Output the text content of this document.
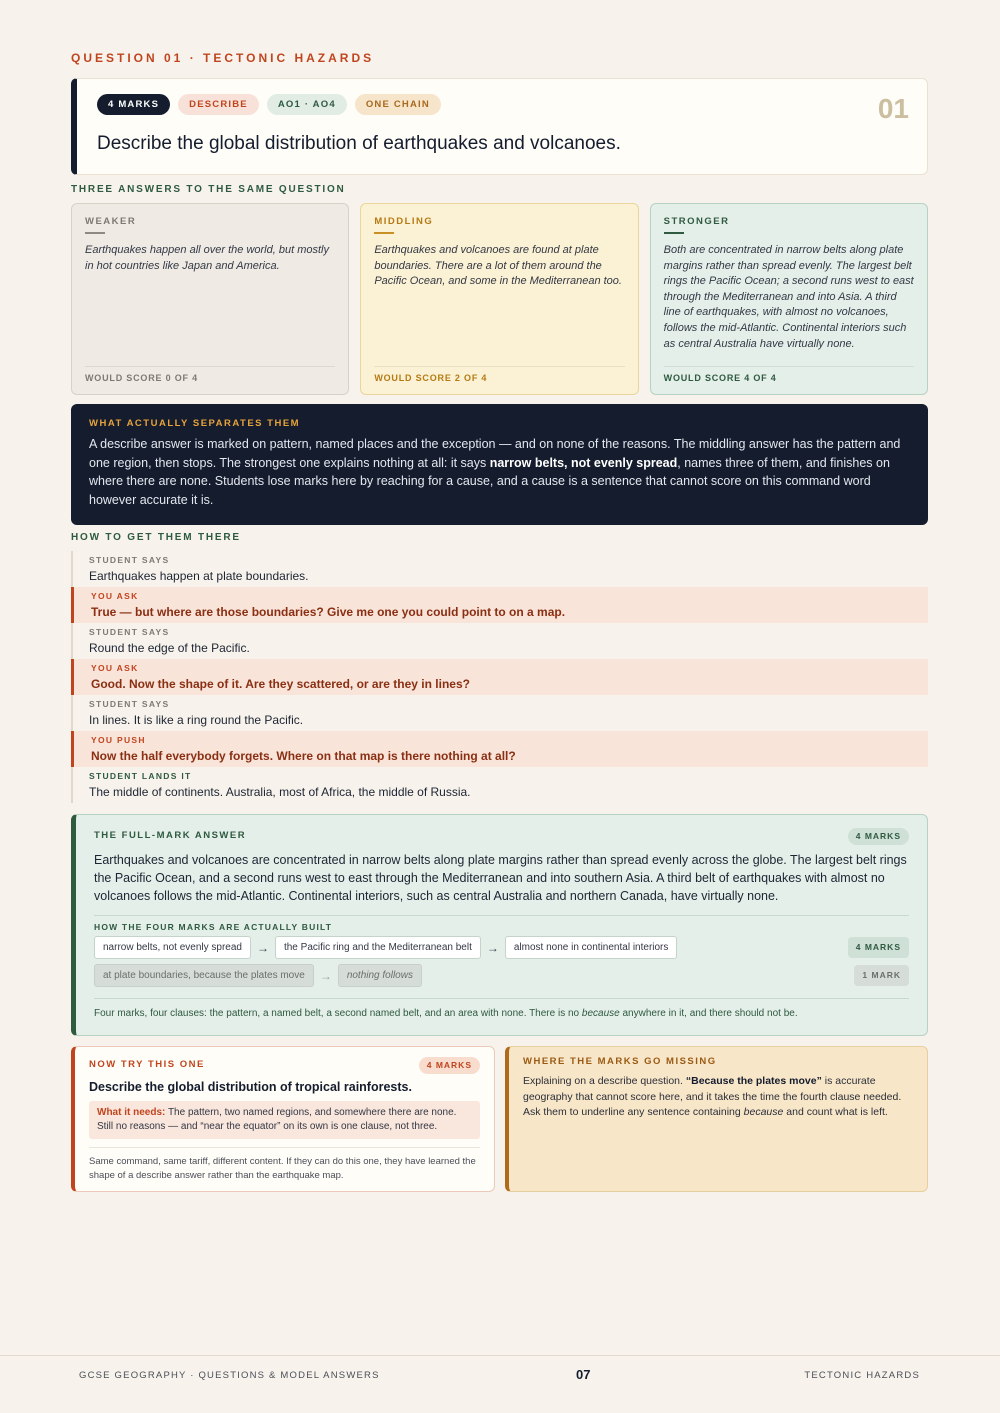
QUESTION 01 · TECTONIC HAZARDS
4 MARKS	DESCRIBE	AO1 · AO4	ONE CHAIN
Describe the global distribution of earthquakes and volcanoes.
01
THREE ANSWERS TO THE SAME QUESTION
WEAKER
Earthquakes happen all over the world, but mostly in hot countries like Japan and America.
WOULD SCORE 0 OF 4
MIDDLING
Earthquakes and volcanoes are found at plate boundaries. There are a lot of them around the Pacific Ocean, and some in the Mediterranean too.
WOULD SCORE 2 OF 4
STRONGER
Both are concentrated in narrow belts along plate margins rather than spread evenly. The largest belt rings the Pacific Ocean; a second runs west to east through the Mediterranean and into Asia. A third line of earthquakes, with almost no volcanoes, follows the mid-Atlantic. Continental interiors such as central Australia have virtually none.
WOULD SCORE 4 OF 4
WHAT ACTUALLY SEPARATES THEM
A describe answer is marked on pattern, named places and the exception — and on none of the reasons. The middling answer has the pattern and one region, then stops. The strongest one explains nothing at all: it says narrow belts, not evenly spread, names three of them, and finishes on where there are none. Students lose marks here by reaching for a cause, and a cause is a sentence that cannot score on this command word however accurate it is.
HOW TO GET THEM THERE
STUDENT SAYS
Earthquakes happen at plate boundaries.
YOU ASK
True — but where are those boundaries? Give me one you could point to on a map.
STUDENT SAYS
Round the edge of the Pacific.
YOU ASK
Good. Now the shape of it. Are they scattered, or are they in lines?
STUDENT SAYS
In lines. It is like a ring round the Pacific.
YOU PUSH
Now the half everybody forgets. Where on that map is there nothing at all?
STUDENT LANDS IT
The middle of continents. Australia, most of Africa, the middle of Russia.
THE FULL-MARK ANSWER	4 MARKS
Earthquakes and volcanoes are concentrated in narrow belts along plate margins rather than spread evenly across the globe. The largest belt rings the Pacific Ocean, and a second runs west to east through the Mediterranean and into southern Asia. A third belt of earthquakes with almost no volcanoes follows the mid-Atlantic. Continental interiors, such as central Australia and northern Canada, have virtually none.
HOW THE FOUR MARKS ARE ACTUALLY BUILT
narrow belts, not evenly spread	→	the Pacific ring and the Mediterranean belt	→	almost none in continental interiors	4 MARKS
at plate boundaries, because the plates move	→	nothing follows	1 MARK
Four marks, four clauses: the pattern, a named belt, a second named belt, and an area with none. There is no because anywhere in it, and there should not be.
NOW TRY THIS ONE	4 MARKS
Describe the global distribution of tropical rainforests.
What it needs: The pattern, two named regions, and somewhere there are none. Still no reasons — and “near the equator” on its own is one clause, not three.
Same command, same tariff, different content. If they can do this one, they have learned the shape of a describe answer rather than the earthquake map.
WHERE THE MARKS GO MISSING
Explaining on a describe question. “Because the plates move” is accurate geography that cannot score here, and it takes the time the fourth clause needed. Ask them to underline any sentence containing because and count what is left.
GCSE GEOGRAPHY · QUESTIONS & MODEL ANSWERS	07	TECTONIC HAZARDS
